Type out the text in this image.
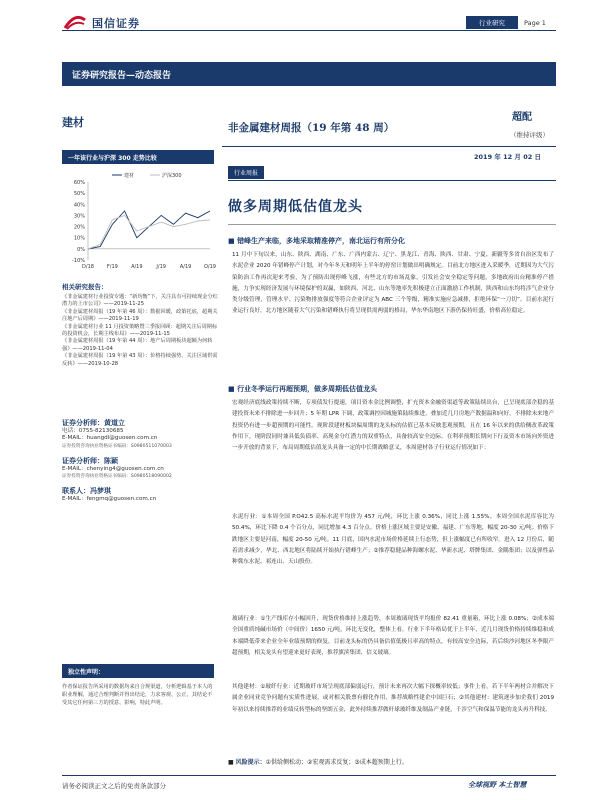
国信证券	行业研究	Page 1
证券研究报告—动态报告
建材	非金属建材周报（19 年第 48 周）
超配
（维持评级）
2019 年 12 月 02 日
一年该行业与沪深 300 走势比较
60%
50%
40%
30%
20%
10%
0%
-10%
D/18	F/19	A/19	J/19	A/19	O/19
建材	沪深300
相关研究报告：
《非金属建材行业投资专题：“新均衡”下，关注具有可持续现金分红潜力的上市公司》——2019-11-25
《非金属建材周报（19 年第 46 周）：数据回暖，政策托底，超期关注地产后周期》——2019-11-19
《非金属建材行业 11 月投资策略暨三季报回顾：超期关注后周期标的投资机会，长期主线布局》——2019-11-15
《非金属建材周报（19 年第 44 周）：地产后周期板块超额为何转强》——2019-11-04
《非金属建材周报（19 年第 43 周）：价格持续强势，关注区域供需反转》——2019-10-28
证券分析师：黄道立
电话：0755-82130685
E-MAIL：huangdl@guosen.com.cn
证券投资咨询执业资格证书编码：S0980511070003
证券分析师：陈颖
E-MAIL：chenying4@guosen.com.cn
证券投资咨询执业资格证书编码：S0980518090002
联系人：冯梦琪
E-MAIL：fengmq@guosen.com.cn
独立性声明：
作者保证报告所采用的数据均来自合规渠道，分析逻辑基于本人的职业理解，通过合理判断并得出结论，力求客观、公正，其结论不受其它任何第三方的授意、影响，特此声明。
行业周报
做多周期低估值龙头
■ 错峰生产来临，多地采取精准停产，南北运行有所分化
11 月中下旬以来，山东、陕西、湖南、广东、广西内蒙古、辽宁、黑龙江、青海、陕西、甘肃、宁夏、新疆等多省自治区发布了水泥企业 2020 年错峰停产计划，对今年冬天和明年上半年的停窑计划做出明确规定。目前北方地区进入采暖季，近期因为大气污染防治工作再次迎来考验，为了预防出现停峰飞涨，有些北方的市场乱象，引发社会安全稳定等问题，多地政府出台精准停产措施，力争实现经济发展与环境保护的双赢，如陕西、河北、山东等地率先积极建立正面激励工作机制，陕西和山东均将涉气企业分类分级管理，管理水平、污染物排放强度等符合企业评定为 ABC 三个等级，精准实施应急减排，拒绝环保“一刀切”。目前水泥行业运行良好，北方地区随着大气污染和错峰执行将呈现供需两弱的格局，华东华南地区下游仍保持旺盛，价格高位稳定。
■ 行业冬季运行再超预期，做多周期低估值龙头
宏观经济底线政策持续不断，专项债发行提速，项目资本金比例调整，扩充资本金融资渠道等政策陆续出台，已呈现底部企稳的基建投资未来不排除进一步回升；5 年期 LPR 下调，政策调控因城施策陆续推进，叠加近几月房地产数据温和向好，不排除未来地产投资仍有进一步超预期的可能性。现阶段建材板块偏周期的龙头标的估值已基本反映悲观预期，且在 16 年以来的供给侧改革政策作用下，现阶段同时兼具低负债率、高现金分红潜力的双重特点，具备较高安全边际。在利率预期长期向下行及资本市场向外资进一步开放的背景下，布局周期低估值龙头具备一定的中长期战略意义，本周建材各子行业运行情况如下：
水泥行业：①本周全国 P.O42.5 高标水泥平均价为 457 元/吨，环比上涨 0.36%，同比上涨 1.55%。本周全国水泥库容比为 50.4%，环比下降 0.4 个百分点，同比增加 4.3 百分点。价格上涨区域主要是安徽、福建、广东等地，幅度 20-30 元/吨；价格下跌地区主要是河南，幅度 20-50 元/吨。11 月底，国内水泥市场价格延续上行态势，但上涨幅度已有所收窄。进入 12 月份后，随着需求减少，华北、西北地区将陆续开始执行错峰生产；②推荐稳健品种海螺水泥、华新水泥、塔牌集团、金隅集团；以及弹性品种冀东水泥、祁连山、天山股份。
玻璃行业：①生产线库存小幅回升，现货价格维持上涨趋势，本周玻璃现货平均报价 82.41 重量箱，环比上涨 0.08%；②成本端全国重质纯碱市场价（中间价）1650 元/吨，环比无变化，整体上看，行业下半年格局优于上半年，近几月现货价格持续维稳和成本端降低带来企业全年业绩预期的修复，目前龙头标的仍具备估值低极且率高的特点，有较高安全边际，若后续沙河地区冬季限产超预期，相关龙头有望迎来更好表现，推荐旗滨集团、信义玻璃。
其他建材：①玻纤行业：近期玻纤市场呈现底部偏弱运行，预计未来再次大幅下探概率较低；事件上看，若下半年两材合并解决下属企业同业竞争问题有实质性进展，或对相关股票有催化作用，推荐战略性建企中国巨石；②其他建材：建筑逐步加企我们 2019 年初以来持续推荐的业绩反转型标的坚朗五金，此外持续推荐做杆球玻纤维及制品产业链，千涉空气和保温节能的龙头再升科技。
■ 风险提示：①供给侧松动；②宏观需求反复；③成本超预期上行。
请务必阅读正文之后的免责条款部分	全球视野 本土智慧
